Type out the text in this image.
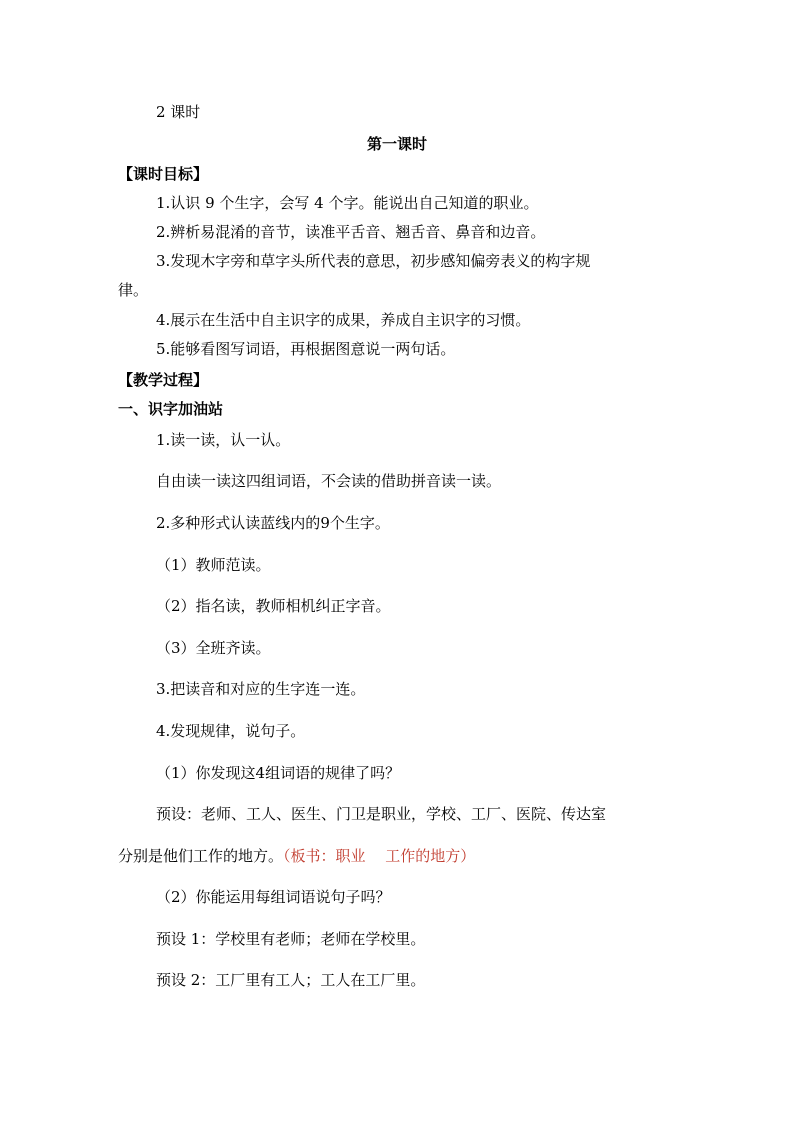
2 课时
第一课时
【课时目标】
1.认识 9 个生字，会写 4 个字。能说出自己知道的职业。
2.辨析易混淆的音节，读准平舌音、翘舌音、鼻音和边音。
3.发现木字旁和草字头所代表的意思，初步感知偏旁表义的构字规
律。
4.展示在生活中自主识字的成果，养成自主识字的习惯。
5.能够看图写词语，再根据图意说一两句话。
【教学过程】
一、识字加油站
1.读一读，认一认。
自由读一读这四组词语，不会读的借助拼音读一读。
2.多种形式认读蓝线内的9个生字。
（1）教师范读。
（2）指名读，教师相机纠正字音。
（3）全班齐读。
3.把读音和对应的生字连一连。
4.发现规律，说句子。
（1）你发现这4组词语的规律了吗？
预设：老师、工人、医生、门卫是职业，学校、工厂、医院、传达室
分别是他们工作的地方。（板书：职业　 工作的地方）
（2）你能运用每组词语说句子吗？
预设 1：学校里有老师；老师在学校里。
预设 2：工厂里有工人；工人在工厂里。
